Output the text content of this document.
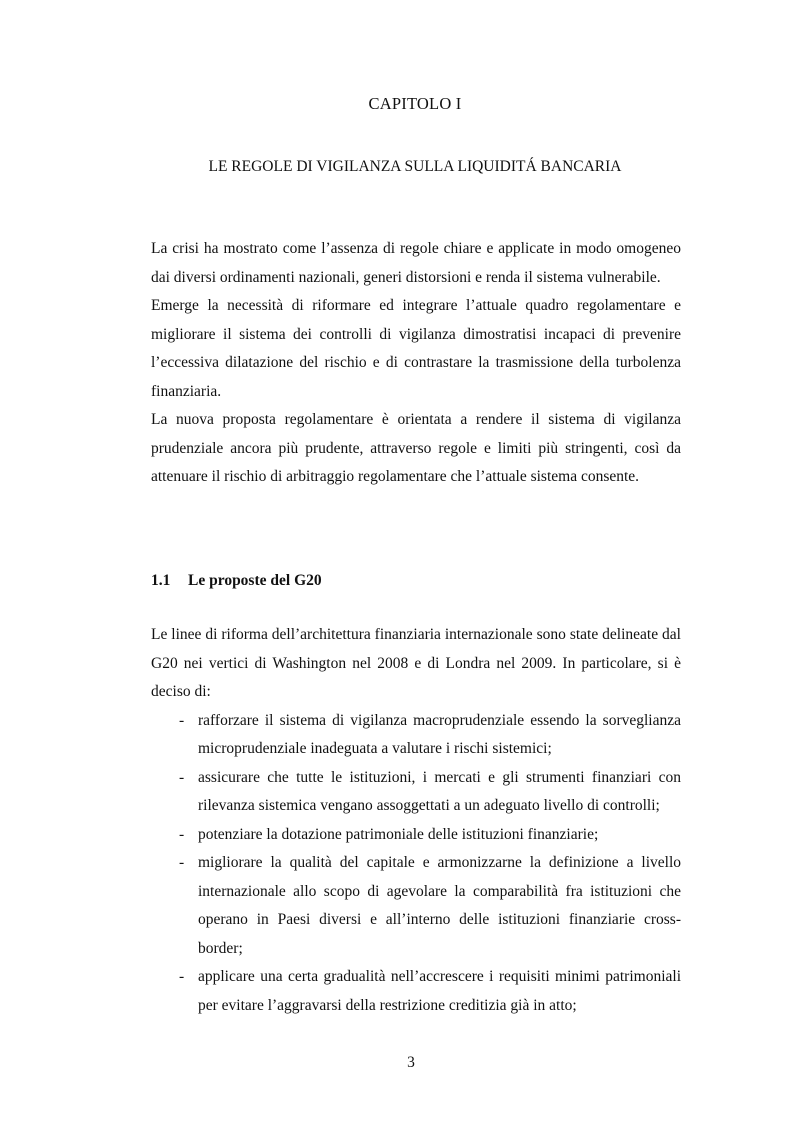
CAPITOLO I
LE REGOLE DI VIGILANZA SULLA LIQUIDITÁ BANCARIA

La crisi ha mostrato come l’assenza di regole chiare e applicate in modo omogeneo dai diversi ordinamenti nazionali, generi distorsioni e renda il sistema vulnerabile.

Emerge la necessità di riformare ed integrare l’attuale quadro regolamentare e migliorare il sistema dei controlli di vigilanza dimostratisi incapaci di prevenire l’eccessiva dilatazione del rischio e di contrastare la trasmissione della turbolenza finanziaria.

La nuova proposta regolamentare è orientata a rendere il sistema di vigilanza prudenziale ancora più prudente, attraverso regole e limiti più stringenti, così da attenuare il rischio di arbitraggio regolamentare che l’attuale sistema consente.

1.1 Le proposte del G20

Le linee di riforma dell’architettura finanziaria internazionale sono state delineate dal G20 nei vertici di Washington nel 2008 e di Londra nel 2009. In particolare, si è deciso di:

- rafforzare il sistema di vigilanza macroprudenziale essendo la sorveglianza microprudenziale inadeguata a valutare i rischi sistemici;
- assicurare che tutte le istituzioni, i mercati e gli strumenti finanziari con rilevanza sistemica vengano assoggettati a un adeguato livello di controlli;
- potenziare la dotazione patrimoniale delle istituzioni finanziarie;
- migliorare la qualità del capitale e armonizzarne la definizione a livello internazionale allo scopo di agevolare la comparabilità fra istituzioni che operano in Paesi diversi e all’interno delle istituzioni finanziarie cross-border;
- applicare una certa gradualità nell’accrescere i requisiti minimi patrimoniali per evitare l’aggravarsi della restrizione creditizia già in atto;
3
